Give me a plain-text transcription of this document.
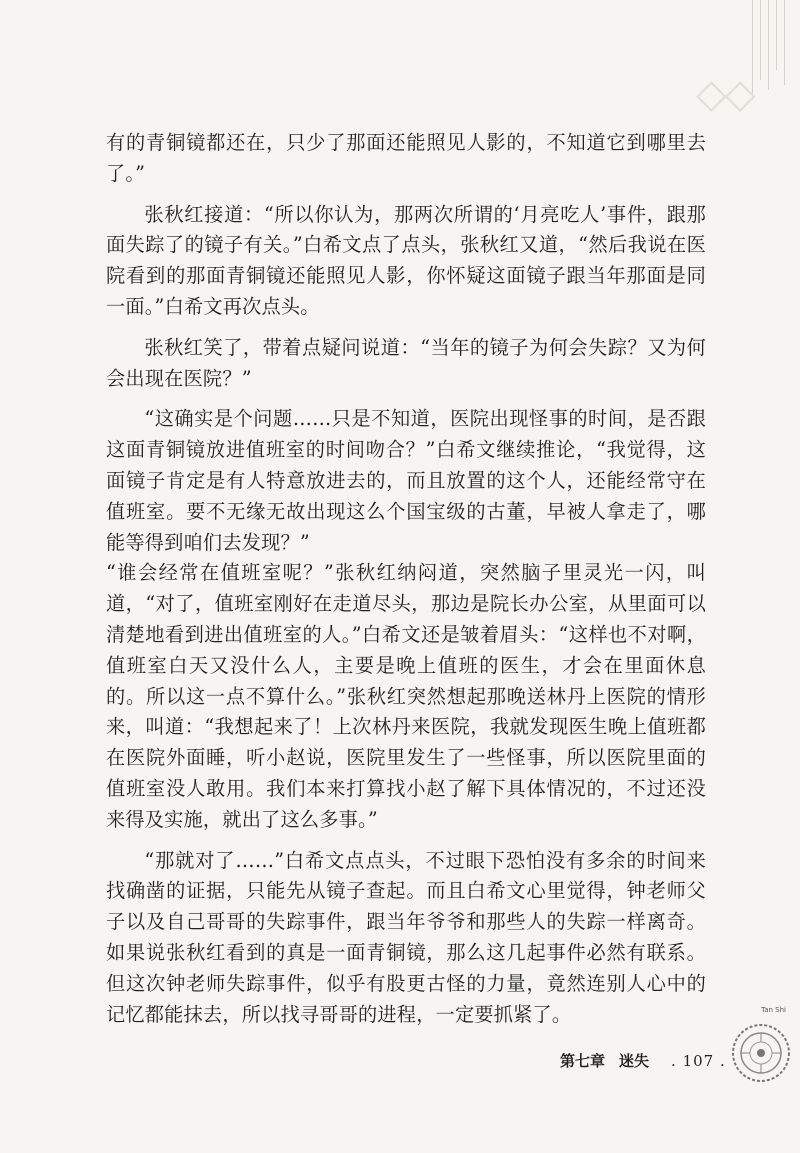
◇◇

有的青铜镜都还在，只少了那面还能照见人影的，不知道它到哪里去了。”

张秋红接道：“所以你认为，那两次所谓的‘月亮吃人’事件，跟那面失踪了的镜子有关。”白希文点了点头，张秋红又道，“然后我说在医院看到的那面青铜镜还能照见人影，你怀疑这面镜子跟当年那面是同一面。”白希文再次点头。

张秋红笑了，带着点疑问说道：“当年的镜子为何会失踪？又为何会出现在医院？”

“这确实是个问题……只是不知道，医院出现怪事的时间，是否跟这面青铜镜放进值班室的时间吻合？”白希文继续推论，“我觉得，这面镜子肯定是有人特意放进去的，而且放置的这个人，还能经常守在值班室。要不无缘无故出现这么个国宝级的古董，早被人拿走了，哪能等得到咱们去发现？”

“谁会经常在值班室呢？”张秋红纳闷道，突然脑子里灵光一闪，叫道，“对了，值班室刚好在走道尽头，那边是院长办公室，从里面可以清楚地看到进出值班室的人。”白希文还是皱着眉头：“这样也不对啊，值班室白天又没什么人，主要是晚上值班的医生，才会在里面休息的。所以这一点不算什么。”张秋红突然想起那晚送林丹上医院的情形来，叫道：“我想起来了！上次林丹来医院，我就发现医生晚上值班都在医院外面睡，听小赵说，医院里发生了一些怪事，所以医院里面的值班室没人敢用。我们本来打算找小赵了解下具体情况的，不过还没来得及实施，就出了这么多事。”

“那就对了……”白希文点点头，不过眼下恐怕没有多余的时间来找确凿的证据，只能先从镜子查起。而且白希文心里觉得，钟老师父子以及自己哥哥的失踪事件，跟当年爷爷和那些人的失踪一样离奇。如果说张秋红看到的真是一面青铜镜，那么这几起事件必然有联系。但这次钟老师失踪事件，似乎有股更古怪的力量，竟然连别人心中的记忆都能抹去，所以找寻哥哥的进程，一定要抓紧了。

第七章 迷失 . 107 .
Tan Shi
